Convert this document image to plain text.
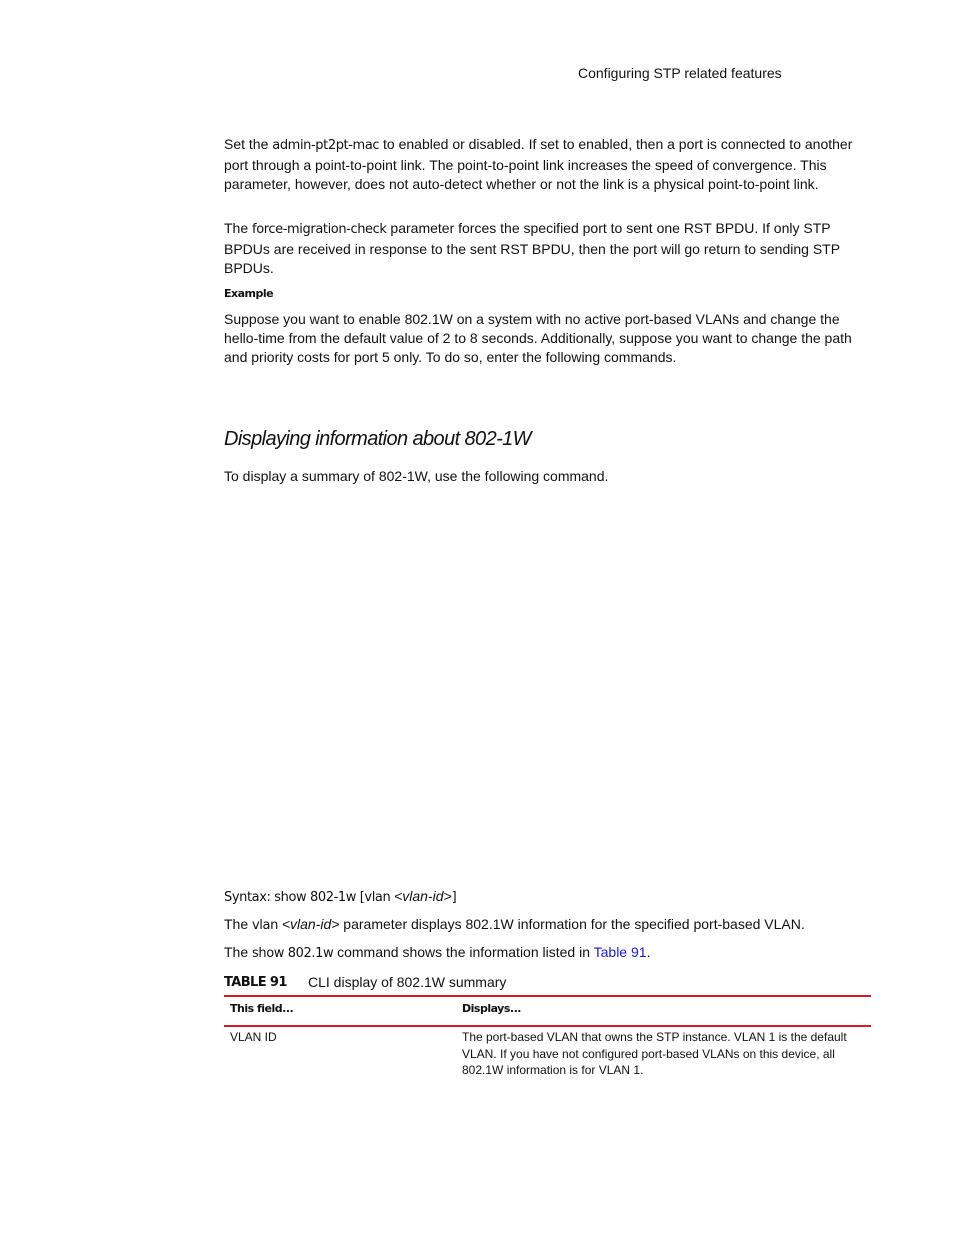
Configuring STP related features

Set the admin-pt2pt-mac to enabled or disabled. If set to enabled, then a port is connected to another port through a point-to-point link. The point-to-point link increases the speed of convergence. This parameter, however, does not auto-detect whether or not the link is a physical point-to-point link.

The force-migration-check parameter forces the specified port to sent one RST BPDU. If only STP BPDUs are received in response to the sent RST BPDU, then the port will go return to sending STP BPDUs.

Example

Suppose you want to enable 802.1W on a system with no active port-based VLANs and change the hello-time from the default value of 2 to 8 seconds. Additionally, suppose you want to change the path and priority costs for port 5 only. To do so, enter the following commands.

Displaying information about 802-1W

To display a summary of 802-1W, use the following command.

Syntax: show 802-1w [vlan <vlan-id>]

The vlan <vlan-id> parameter displays 802.1W information for the specified port-based VLAN.

The show 802.1w command shows the information listed in Table 91.

TABLE 91 CLI display of 802.1W summary
This field...	Displays...
VLAN ID	The port-based VLAN that owns the STP instance. VLAN 1 is the default VLAN. If you have not configured port-based VLANs on this device, all 802.1W information is for VLAN 1.
